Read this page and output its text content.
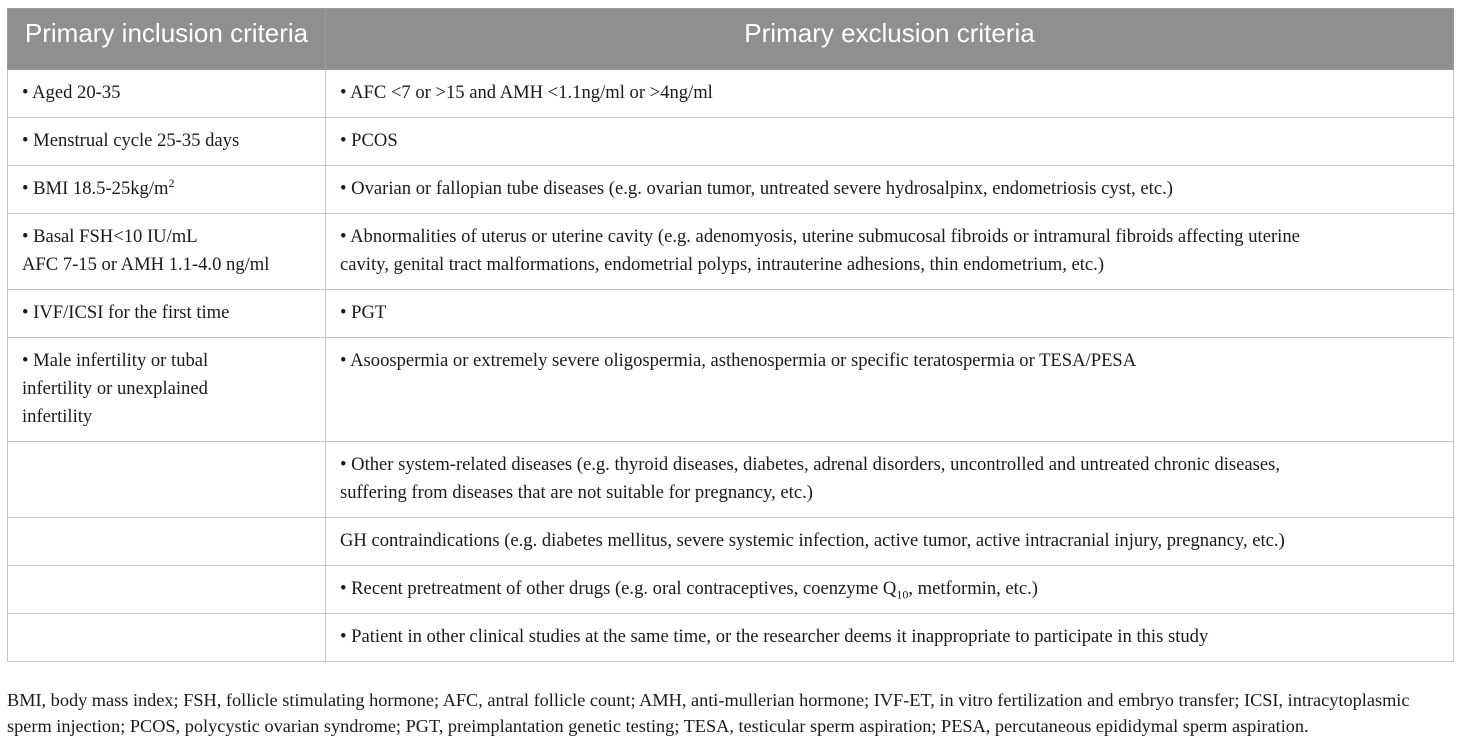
Primary inclusion criteria	Primary exclusion criteria
• Aged 20-35	• AFC <7 or >15 and AMH <1.1ng/ml or >4ng/ml
• Menstrual cycle 25-35 days	• PCOS
• BMI $18.5-25kg/m^2$	• Ovarian or fallopian tube diseases (e.g. ovarian tumor, untreated severe hydrosalpinx, endometriosis cyst, etc.)

• Basal FSH<10 IU/mL
AFC 7-15 or AMH 1.1-4.0 ng/ml	• Abnormalities of uterus or uterine cavity (e.g. adenomyosis, uterine submucosal fibroids or intramural fibroids affecting uterine
cavity, genital tract malformations, endometrial polyps, intrauterine adhesions, thin endometrium, etc.)

• IVF/ICSI for the first time	• PGT

• Male infertility or tubal
infertility or unexplained
infertility	• Asoospermia or extremely severe oligospermia, asthenospermia or specific teratospermia or TESA/PESA

	• Other system-related diseases (e.g. thyroid diseases, diabetes, adrenal disorders, uncontrolled and untreated chronic diseases,
suffering from diseases that are not suitable for pregnancy, etc.)

	GH contraindications (e.g. diabetes mellitus, severe systemic infection, active tumor, active intracranial injury, pregnancy, etc.)
	• Recent pretreatment of other drugs (e.g. oral contraceptives, coenzyme $Q_{10}$, metformin, etc.)
	• Patient in other clinical studies at the same time, or the researcher deems it inappropriate to participate in this study
BMI, body mass index; FSH, follicle stimulating hormone; AFC, antral follicle count; AMH, anti-mullerian hormone; IVF-ET, in vitro fertilization and embryo transfer; ICSI, intracytoplasmic
sperm injection; PCOS, polycystic ovarian syndrome; PGT, preimplantation genetic testing; TESA, testicular sperm aspiration; PESA, percutaneous epididymal sperm aspiration.
